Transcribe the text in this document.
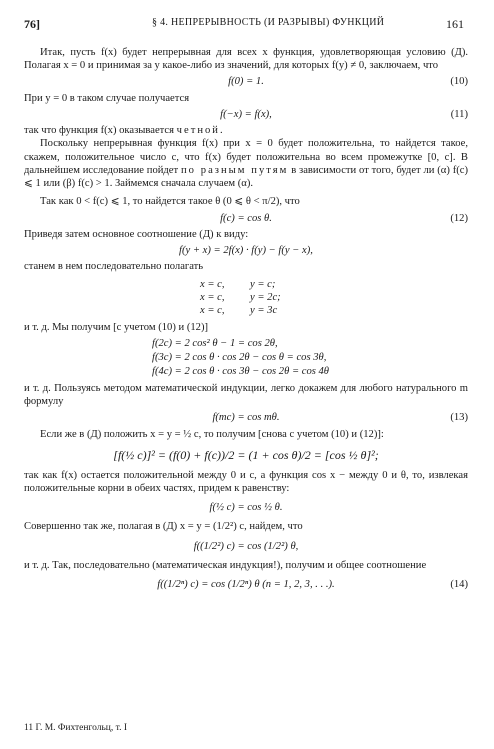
76]	§ 4. НЕПРЕРЫВНОСТЬ (И РАЗРЫВЫ) ФУНКЦИЙ	161

Итак, пусть f(x) будет непрерывная для всех x функция, удовлетворяющая условию (Д). Полагая x = 0 и принимая за y какое-либо из значений, для которых f(y) ≠ 0, заключаем, что

f(0) = 1.	(10)

При y = 0 в таком случае получается

f(−x) = f(x),	(11)

так что функция f(x) оказывается четной.

Поскольку непрерывная функция f(x) при x = 0 будет положительна, то найдется такое, скажем, положительное число c, что f(x) будет положительна во всем промежутке [0, c]. В дальнейшем исследование пойдет по разным путям в зависимости от того, будет ли (α) f(c) ⩽ 1 или (β) f(c) > 1. Займемся сначала случаем (α).

Так как 0 < f(c) ⩽ 1, то найдется такое θ (0 ⩽ θ < π/2), что

f(c) = cos θ.	(12)

Приведя затем основное соотношение (Д) к виду:

f(y + x) = 2f(x) · f(y) − f(y − x),

станем в нем последовательно полагать

x = c, y = c;
x = c, y = 2c;
x = c, y = 3c

и т. д. Мы получим [с учетом (10) и (12)]

f(2c) = 2 cos² θ − 1 = cos 2θ,
f(3c) = 2 cos θ · cos 2θ − cos θ = cos 3θ,
f(4c) = 2 cos θ · cos 3θ − cos 2θ = cos 4θ

и т. д. Пользуясь методом математической индукции, легко докажем для любого натурального m формулу

f(mc) = cos mθ.	(13)

Если же в (Д) положить x = y = ½ c, то получим [снова с учетом (10) и (12)]:

[f(½ c)]² = (f(0) + f(c))/2 = (1 + cos θ)/2 = [cos ½ θ]²;

так как f(x) остается положительной между 0 и c, а функция cos x − между 0 и θ, то, извлекая положительные корни в обеих частях, придем к равенству:

f(½ c) = cos ½ θ.

Совершенно так же, полагая в (Д) x = y = (1/2²) c, найдем, что

f((1/2²) c) = cos (1/2²) θ,

и т. д. Так, последовательно (математическая индукция!), получим и общее соотношение

f((1/2ⁿ) c) = cos (1/2ⁿ) θ (n = 1, 2, 3, . . .).	(14)
11 Г. М. Фихтенгольц, т. I
